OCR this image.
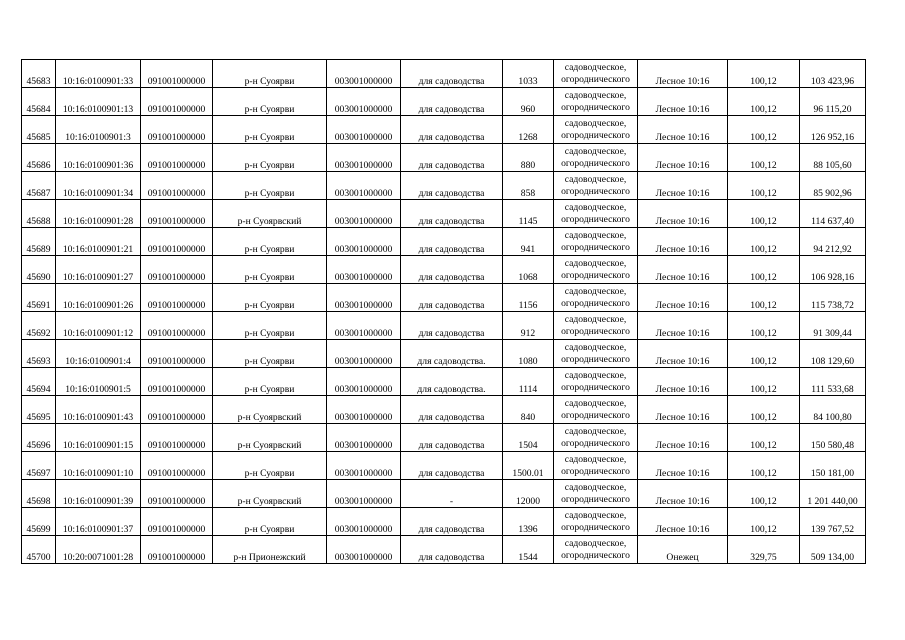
45683	10:16:0100901:33	091001000000	р-н Суоярви	003001000000	для садоводства	1033	садоводческое,
огороднического	Лесное 10:16	100,12	103 423,96
45684	10:16:0100901:13	091001000000	р-н Суоярви	003001000000	для садоводства	960	садоводческое,
огороднического	Лесное 10:16	100,12	96 115,20
45685	10:16:0100901:3	091001000000	р-н Суоярви	003001000000	для садоводства	1268	садоводческое,
огороднического	Лесное 10:16	100,12	126 952,16
45686	10:16:0100901:36	091001000000	р-н Суоярви	003001000000	для садоводства	880	садоводческое,
огороднического	Лесное 10:16	100,12	88 105,60
45687	10:16:0100901:34	091001000000	р-н Суоярви	003001000000	для садоводства	858	садоводческое,
огороднического	Лесное 10:16	100,12	85 902,96
45688	10:16:0100901:28	091001000000	р-н Суоярвский	003001000000	для садоводства	1145	садоводческое,
огороднического	Лесное 10:16	100,12	114 637,40
45689	10:16:0100901:21	091001000000	р-н Суоярви	003001000000	для садоводства	941	садоводческое,
огороднического	Лесное 10:16	100,12	94 212,92
45690	10:16:0100901:27	091001000000	р-н Суоярви	003001000000	для садоводства	1068	садоводческое,
огороднического	Лесное 10:16	100,12	106 928,16
45691	10:16:0100901:26	091001000000	р-н Суоярви	003001000000	для садоводства	1156	садоводческое,
огороднического	Лесное 10:16	100,12	115 738,72
45692	10:16:0100901:12	091001000000	р-н Суоярви	003001000000	для садоводства	912	садоводческое,
огороднического	Лесное 10:16	100,12	91 309,44
45693	10:16:0100901:4	091001000000	р-н Суоярви	003001000000	для садоводства.	1080	садоводческое,
огороднического	Лесное 10:16	100,12	108 129,60
45694	10:16:0100901:5	091001000000	р-н Суоярви	003001000000	для садоводства.	1114	садоводческое,
огороднического	Лесное 10:16	100,12	111 533,68
45695	10:16:0100901:43	091001000000	р-н Суоярвский	003001000000	для садоводства	840	садоводческое,
огороднического	Лесное 10:16	100,12	84 100,80
45696	10:16:0100901:15	091001000000	р-н Суоярвский	003001000000	для садоводства	1504	садоводческое,
огороднического	Лесное 10:16	100,12	150 580,48
45697	10:16:0100901:10	091001000000	р-н Суоярви	003001000000	для садоводства	1500.01	садоводческое,
огороднического	Лесное 10:16	100,12	150 181,00
45698	10:16:0100901:39	091001000000	р-н Суоярвский	003001000000	-	12000	садоводческое,
огороднического	Лесное 10:16	100,12	1 201 440,00
45699	10:16:0100901:37	091001000000	р-н Суоярви	003001000000	для садоводства	1396	садоводческое,
огороднического	Лесное 10:16	100,12	139 767,52
45700	10:20:0071001:28	091001000000	р-н Прионежский	003001000000	для садоводства	1544	садоводческое,
огороднического	Онежец	329,75	509 134,00
